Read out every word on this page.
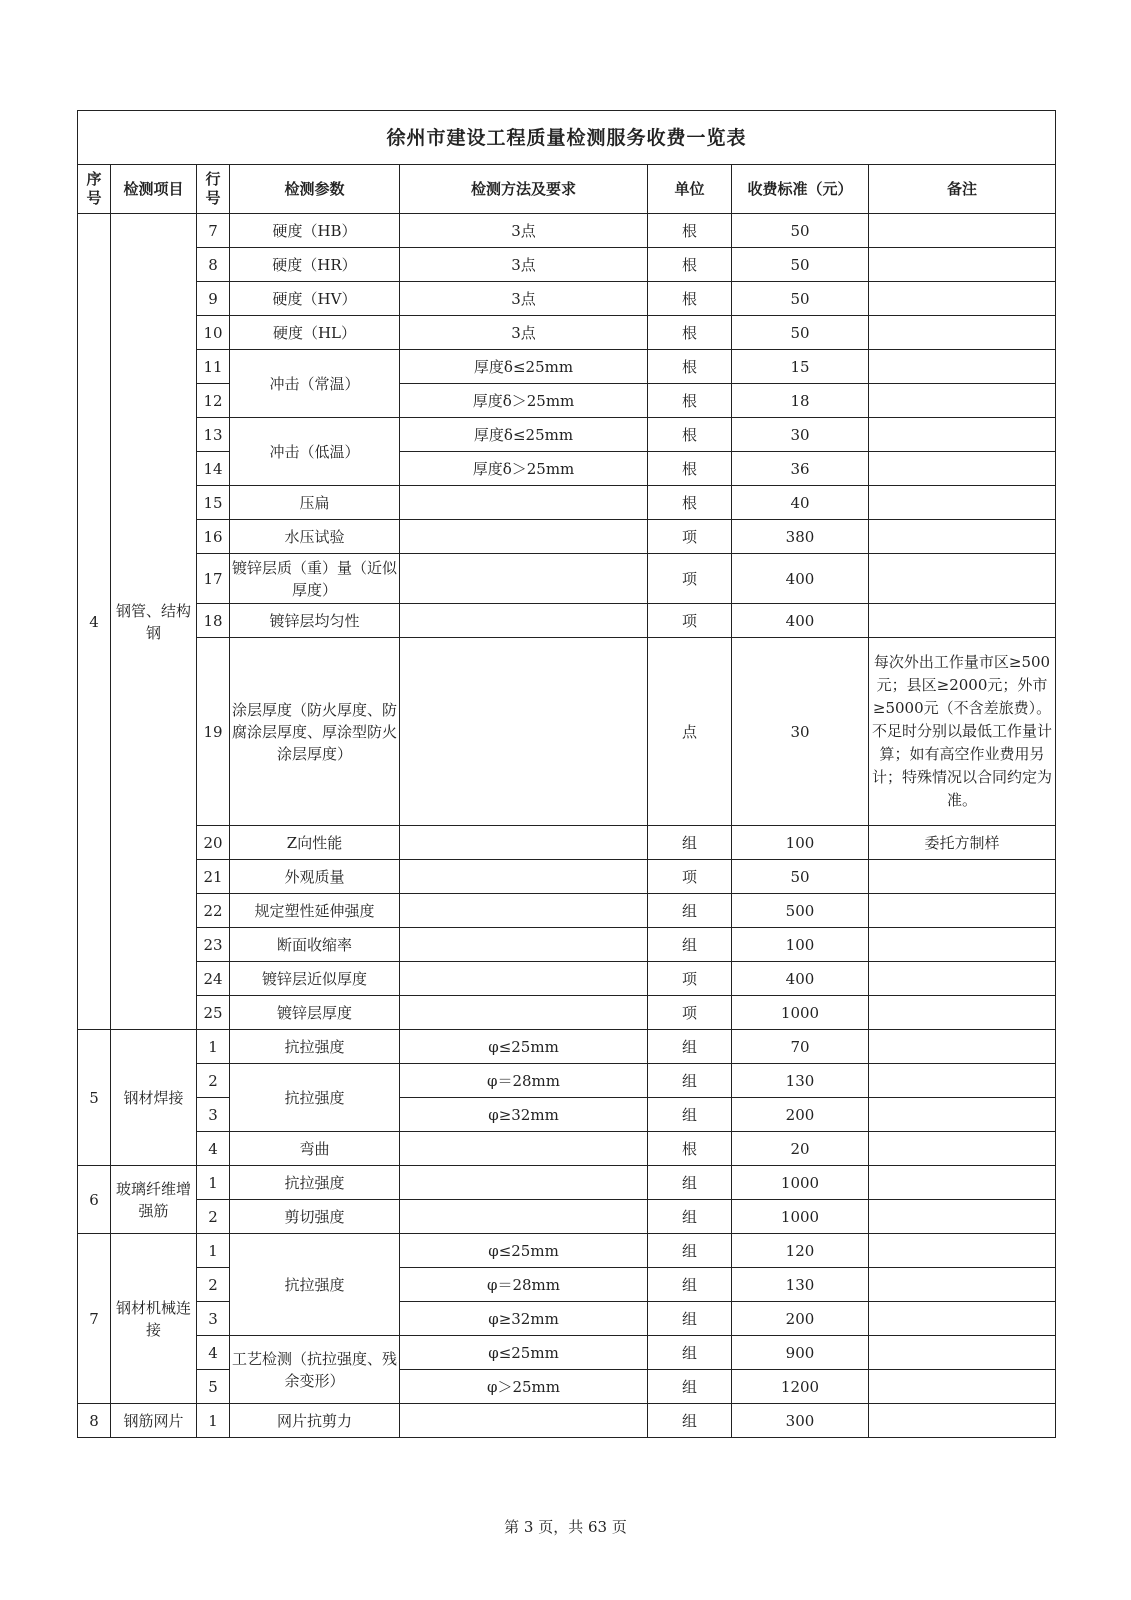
徐州市建设工程质量检测服务收费一览表							
序号	检测项目	行号	检测参数	检测方法及要求	单位	收费标准（元）	备注
4	钢管、结构钢	7	硬度（HB）	3点	根	50	
		8	硬度（HR）	3点	根	50	
		9	硬度（HV）	3点	根	50	
		10	硬度（HL）	3点	根	50	
		11	冲击（常温）	厚度δ≤25mm	根	15	
		12		厚度δ＞25mm	根	18	
		13	冲击（低温）	厚度δ≤25mm	根	30	
		14		厚度δ＞25mm	根	36	
		15	压扁		根	40	
		16	水压试验		项	380	
		17	镀锌层质（重）量（近似厚度）		项	400	
		18	镀锌层均匀性		项	400	
		19	涂层厚度（防火厚度、防腐涂层厚度、厚涂型防火涂层厚度）		点	30	每次外出工作量市区≥500元；县区≥2000元；外市≥5000元（不含差旅费）。不足时分别以最低工作量计算；如有高空作业费用另计；特殊情况以合同约定为准。
		20	Z向性能		组	100	委托方制样
		21	外观质量		项	50	
		22	规定塑性延伸强度		组	500	
		23	断面收缩率		组	100	
		24	镀锌层近似厚度		项	400	
		25	镀锌层厚度		项	1000	
5	钢材焊接	1	抗拉强度	φ≤25mm	组	70	
		2	抗拉强度	φ＝28mm	组	130	
		3		φ≥32mm	组	200	
		4	弯曲		根	20	
6	玻璃纤维增强筋	1	抗拉强度		组	1000	
		2	剪切强度		组	1000	
7	钢材机械连接	1	抗拉强度	φ≤25mm	组	120	
		2		φ＝28mm	组	130	
		3		φ≥32mm	组	200	
		4	工艺检测（抗拉强度、残余变形）	φ≤25mm	组	900	
		5		φ＞25mm	组	1200	
8	钢筋网片	1	网片抗剪力		组	300	
第 3 页，共 63 页
